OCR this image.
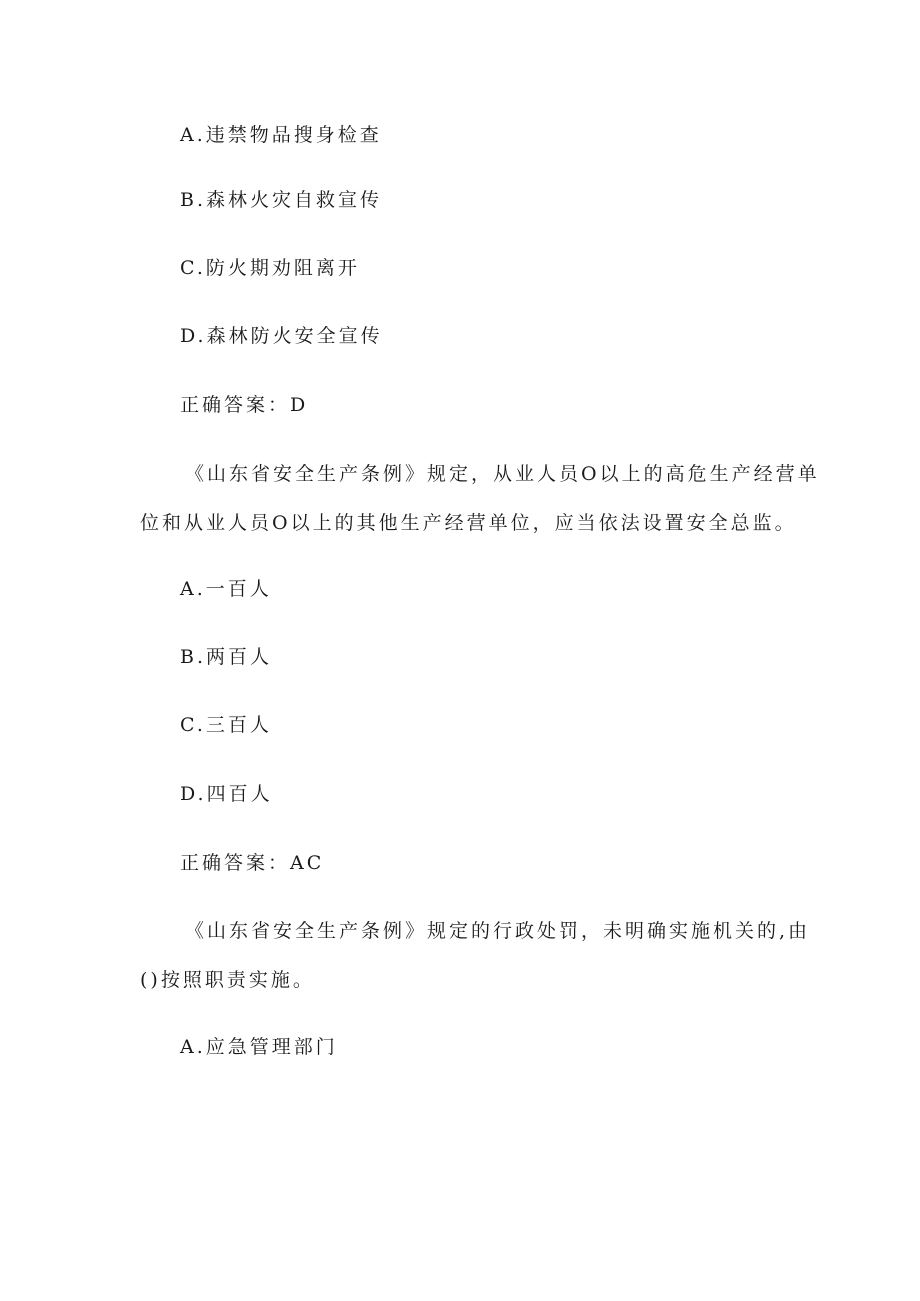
A.违禁物品搜身检查
B.森林火灾自救宣传
C.防火期劝阻离开
D.森林防火安全宣传
正确答案：D
《山东省安全生产条例》规定，从业人员O以上的高危生产经营单
位和从业人员O以上的其他生产经营单位，应当依法设置安全总监。
A.一百人
B.两百人
C.三百人
D.四百人
正确答案：AC
《山东省安全生产条例》规定的行政处罚，未明确实施机关的,由
()按照职责实施。
A.应急管理部门
